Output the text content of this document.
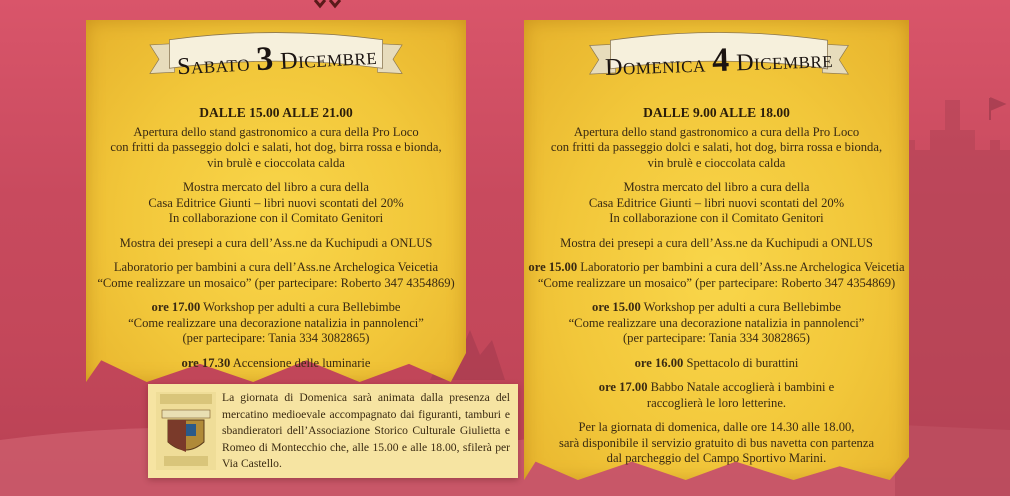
Sabato 3 Dicembre

DALLE 15.00 ALLE 21.00

Apertura dello stand gastronomico a cura della Pro Loco
con fritti da passeggio dolci e salati, hot dog, birra rossa e bionda,
vin brulè e cioccolata calda

Mostra mercato del libro a cura della
Casa Editrice Giunti – libri nuovi scontati del 20%
In collaborazione con il Comitato Genitori

Mostra dei presepi a cura dell’Ass.ne da Kuchipudi a ONLUS

Laboratorio per bambini a cura dell’Ass.ne Archelogica Veicetia
“Come realizzare un mosaico” (per partecipare: Roberto 347 4354869)

ore 17.00 Workshop per adulti a cura Bellebimbe
“Come realizzare una decorazione natalizia in pannolenci”
(per partecipare: Tania 334 3082865)

ore 17.30 Accensione delle luminarie

Domenica 4 Dicembre

DALLE 9.00 ALLE 18.00

Apertura dello stand gastronomico a cura della Pro Loco
con fritti da passeggio dolci e salati, hot dog, birra rossa e bionda,
vin brulè e cioccolata calda

Mostra mercato del libro a cura della
Casa Editrice Giunti – libri nuovi scontati del 20%
In collaborazione con il Comitato Genitori

Mostra dei presepi a cura dell’Ass.ne da Kuchipudi a ONLUS

ore 15.00 Laboratorio per bambini a cura dell’Ass.ne Archelogica Veicetia
“Come realizzare un mosaico” (per partecipare: Roberto 347 4354869)

ore 15.00 Workshop per adulti a cura Bellebimbe
“Come realizzare una decorazione natalizia in pannolenci”
(per partecipare: Tania 334 3082865)

ore 16.00 Spettacolo di burattini

ore 17.00 Babbo Natale accoglierà i bambini e
raccoglierà le loro letterine.

Per la giornata di domenica, dalle ore 14.30 alle 18.00,
sarà disponibile il servizio gratuito di bus navetta con partenza
dal parcheggio del Campo Sportivo Marini.

La giornata di Domenica sarà animata dalla presenza del mercatino medioevale accompagnato dai figuranti, tamburi e sbandieratori dell’Associazione Storico Culturale Giulietta e Romeo di Montecchio che, alle 15.00 e alle 18.00, sfilerà per Via Castello.
